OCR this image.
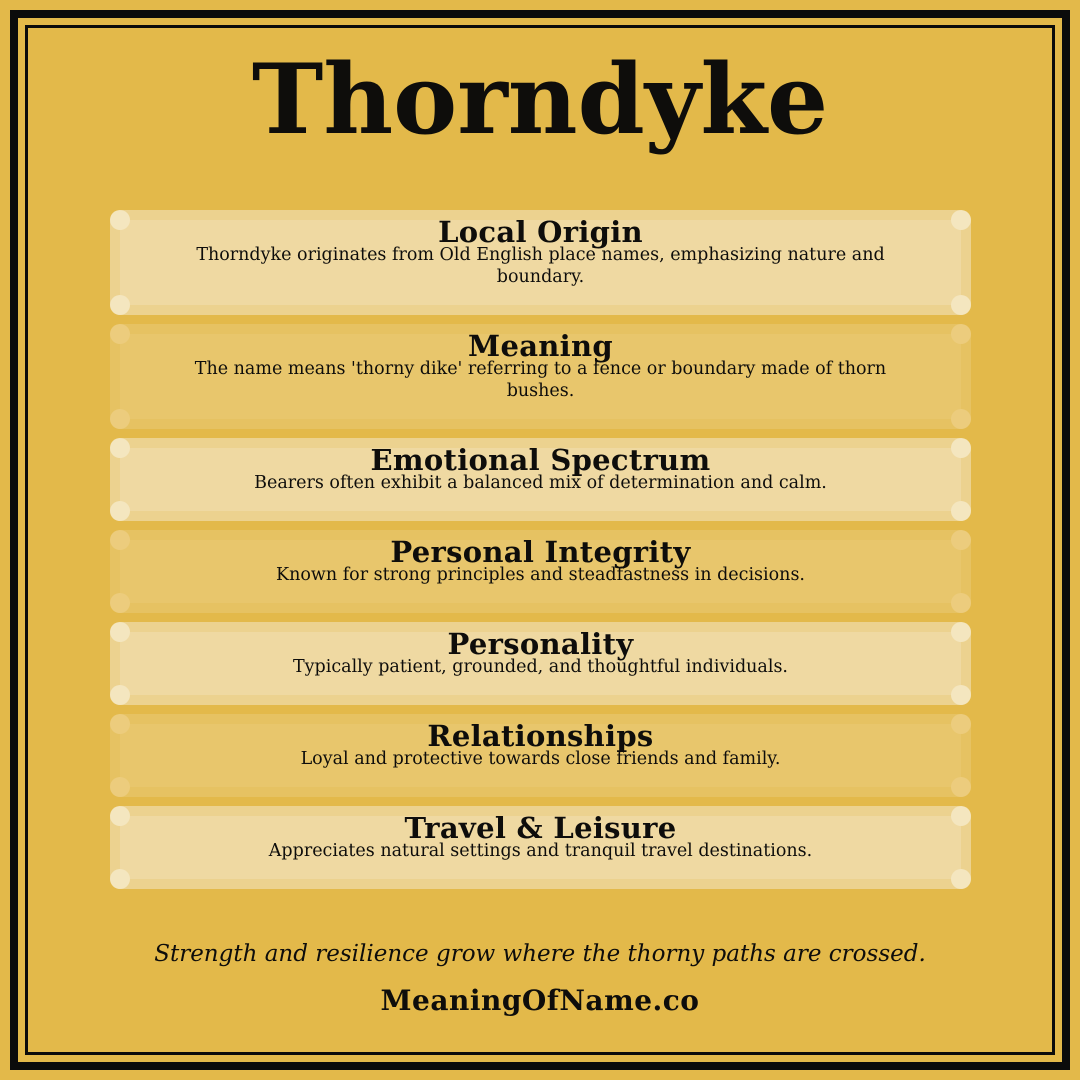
Thorndyke
Local Origin
Thorndyke originates from Old English place names, emphasizing nature and boundary.
Meaning
The name means 'thorny dike' referring to a fence or boundary made of thorn bushes.
Emotional Spectrum
Bearers often exhibit a balanced mix of determination and calm.
Personal Integrity
Known for strong principles and steadfastness in decisions.
Personality
Typically patient, grounded, and thoughtful individuals.
Relationships
Loyal and protective towards close friends and family.
Travel & Leisure
Appreciates natural settings and tranquil travel destinations.
Strength and resilience grow where the thorny paths are crossed.
MeaningOfName.co
